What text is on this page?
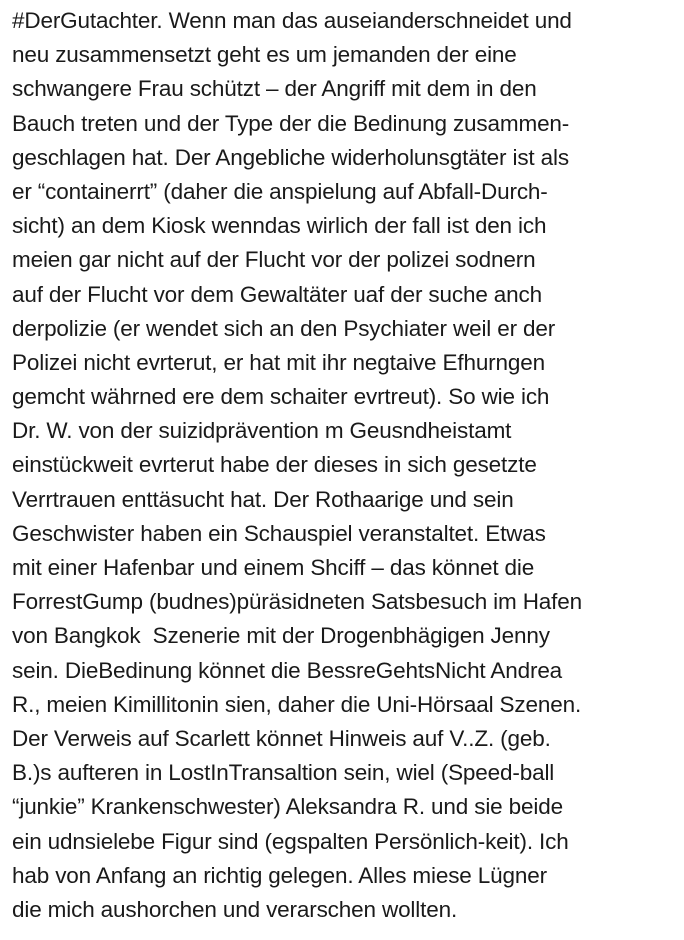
#DerGutachter. Wenn man das auseianderschneidet und
neu zusammensetzt geht es um jemanden der eine
schwangere Frau schützt – der Angriff mit dem in den
Bauch treten und der Type der die Bedinung zusammen-
geschlagen hat. Der Angebliche widerholunsgtäter ist als
er “containerrt” (daher die anspielung auf Abfall-Durch-
sicht) an dem Kiosk wenndas wirlich der fall ist den ich
meien gar nicht auf der Flucht vor der polizei sodnern
auf der Flucht vor dem Gewaltäter uaf der suche anch
derpolizie (er wendet sich an den Psychiater weil er der
Polizei nicht evrterut, er hat mit ihr negtaive Efhurngen
gemcht währned ere dem schaiter evrtreut). So wie ich
Dr. W. von der suizidprävention m Geusndheistamt
einstückweit evrterut habe der dieses in sich gesetzte
Verrtrauen enttäsucht hat. Der Rothaarige und sein
Geschwister haben ein Schauspiel veranstaltet. Etwas
mit einer Hafenbar und einem Shciff – das könnet die
ForrestGump (budnes)püräsidneten Satsbesuch im Hafen
von Bangkok  Szenerie mit der Drogenbhägigen Jenny
sein. DieBedinung könnet die BessreGehtsNicht Andrea
R., meien Kimillitonin sien, daher die Uni-Hörsaal Szenen.
Der Verweis auf Scarlett könnet Hinweis auf V..Z. (geb.
B.)s aufteren in LostInTransaltion sein, wiel (Speed-ball
“junkie” Krankenschwester) Aleksandra R. und sie beide
ein udnsielebe Figur sind (egspalten Persönlich-keit). Ich
hab von Anfang an richtig gelegen. Alles miese Lügner
die mich aushorchen und verarschen wollten.
